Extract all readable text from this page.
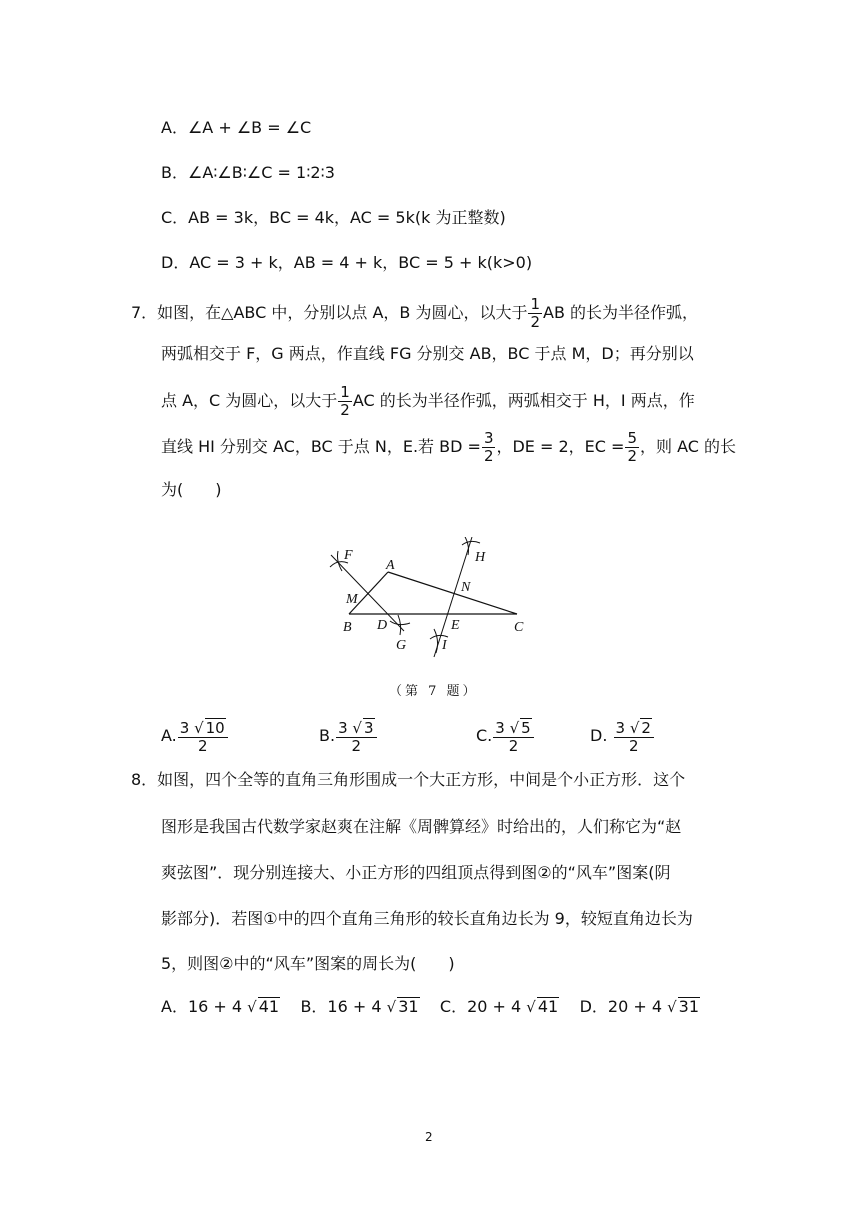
A．∠A + ∠B = ∠C
B．∠A∶∠B∶∠C = 1∶2∶3
C．AB = 3k，BC = 4k，AC = 5k(k 为正整数)
D．AC = 3 + k，AB = 4 + k，BC = 5 + k(k>0)
7．如图，在△ABC 中，分别以点 A，B 为圆心，以大于 $\frac{1}{2}$ AB 的长为半径作弧，
两弧相交于 F，G 两点，作直线 FG 分别交 AB，BC 于点 M，D；再分别以
点 A，C 为圆心，以大于 $\frac{1}{2}$ AC 的长为半径作弧，两弧相交于 H，I 两点，作
直线 HI 分别交 AC，BC 于点 N，E.若 BD = $\frac{3}{2}$ ，DE = 2，EC = $\frac{5}{2}$ ，则 AC 的长
为(　　)
F
A
H
N
M
B D	E	C
G	I
（第 7 题）
A. $\frac{3 √ 10}{2}$	B. $\frac{3 √ 3}{2}$	C. $\frac{3 √ 5}{2}$	D. $\frac{3 √ 2}{2}$
8．如图，四个全等的直角三角形围成一个大正方形，中间是个小正方形．这个
图形是我国古代数学家赵爽在注解《周髀算经》时给出的，人们称它为“赵
爽弦图”．现分别连接大、小正方形的四组顶点得到图②的“风车”图案(阴
影部分)．若图①中的四个直角三角形的较长直角边长为 9，较短直角边长为
5，则图②中的“风车”图案的周长为(　　)
A．16 + 4 √ 41 B．16 + 4 √ 31 C．20 + 4 √ 41 D．20 + 4 √ 31
2
